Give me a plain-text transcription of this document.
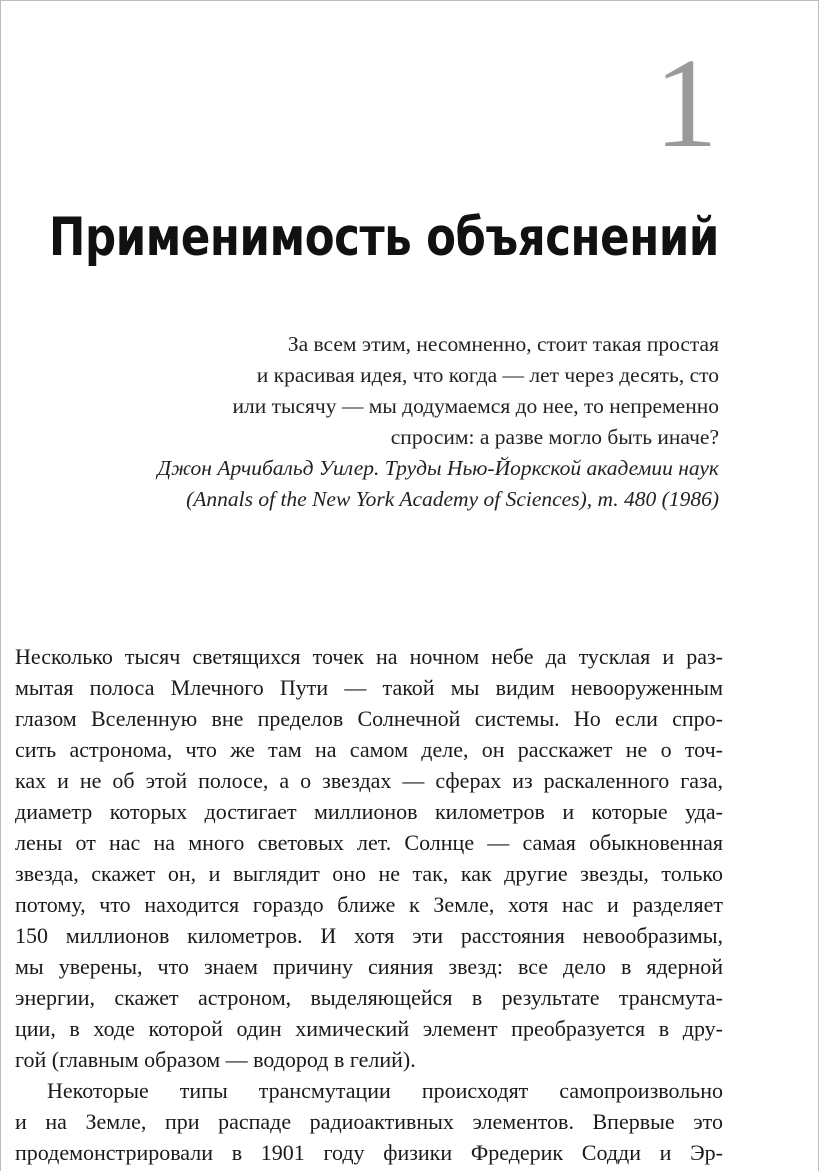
1
Применимость объяснений
За всем этим, несомненно, стоит такая простая
и красивая идея, что когда — лет через десять, сто
или тысячу — мы додумаемся до нее, то непременно
спросим: а разве могло быть иначе?
Джон Арчибальд Уилер. Труды Нью-Йоркской академии наук
(Annals of the New York Academy of Sciences), т. 480 (1986)
Несколько тысяч светящихся точек на ночном небе да тусклая и раз-
мытая полоса Млечного Пути — такой мы видим невооруженным
глазом Вселенную вне пределов Солнечной системы. Но если спро-
сить астронома, что же там на самом деле, он расскажет не о точ-
ках и не об этой полосе, а о звездах — сферах из раскаленного газа,
диаметр которых достигает миллионов километров и которые уда-
лены от нас на много световых лет. Солнце — самая обыкновенная
звезда, скажет он, и выглядит оно не так, как другие звезды, только
потому, что находится гораздо ближе к Земле, хотя нас и разделяет
150 миллионов километров. И хотя эти расстояния невообразимы,
мы уверены, что знаем причину сияния звезд: все дело в ядерной
энергии, скажет астроном, выделяющейся в результате трансмута-
ции, в ходе которой один химический элемент преобразуется в дру-
гой (главным образом — водород в гелий).
Некоторые типы трансмутации происходят самопроизвольно
и на Земле, при распаде радиоактивных элементов. Впервые это
продемонстрировали в 1901 году физики Фредерик Содди и Эр-
